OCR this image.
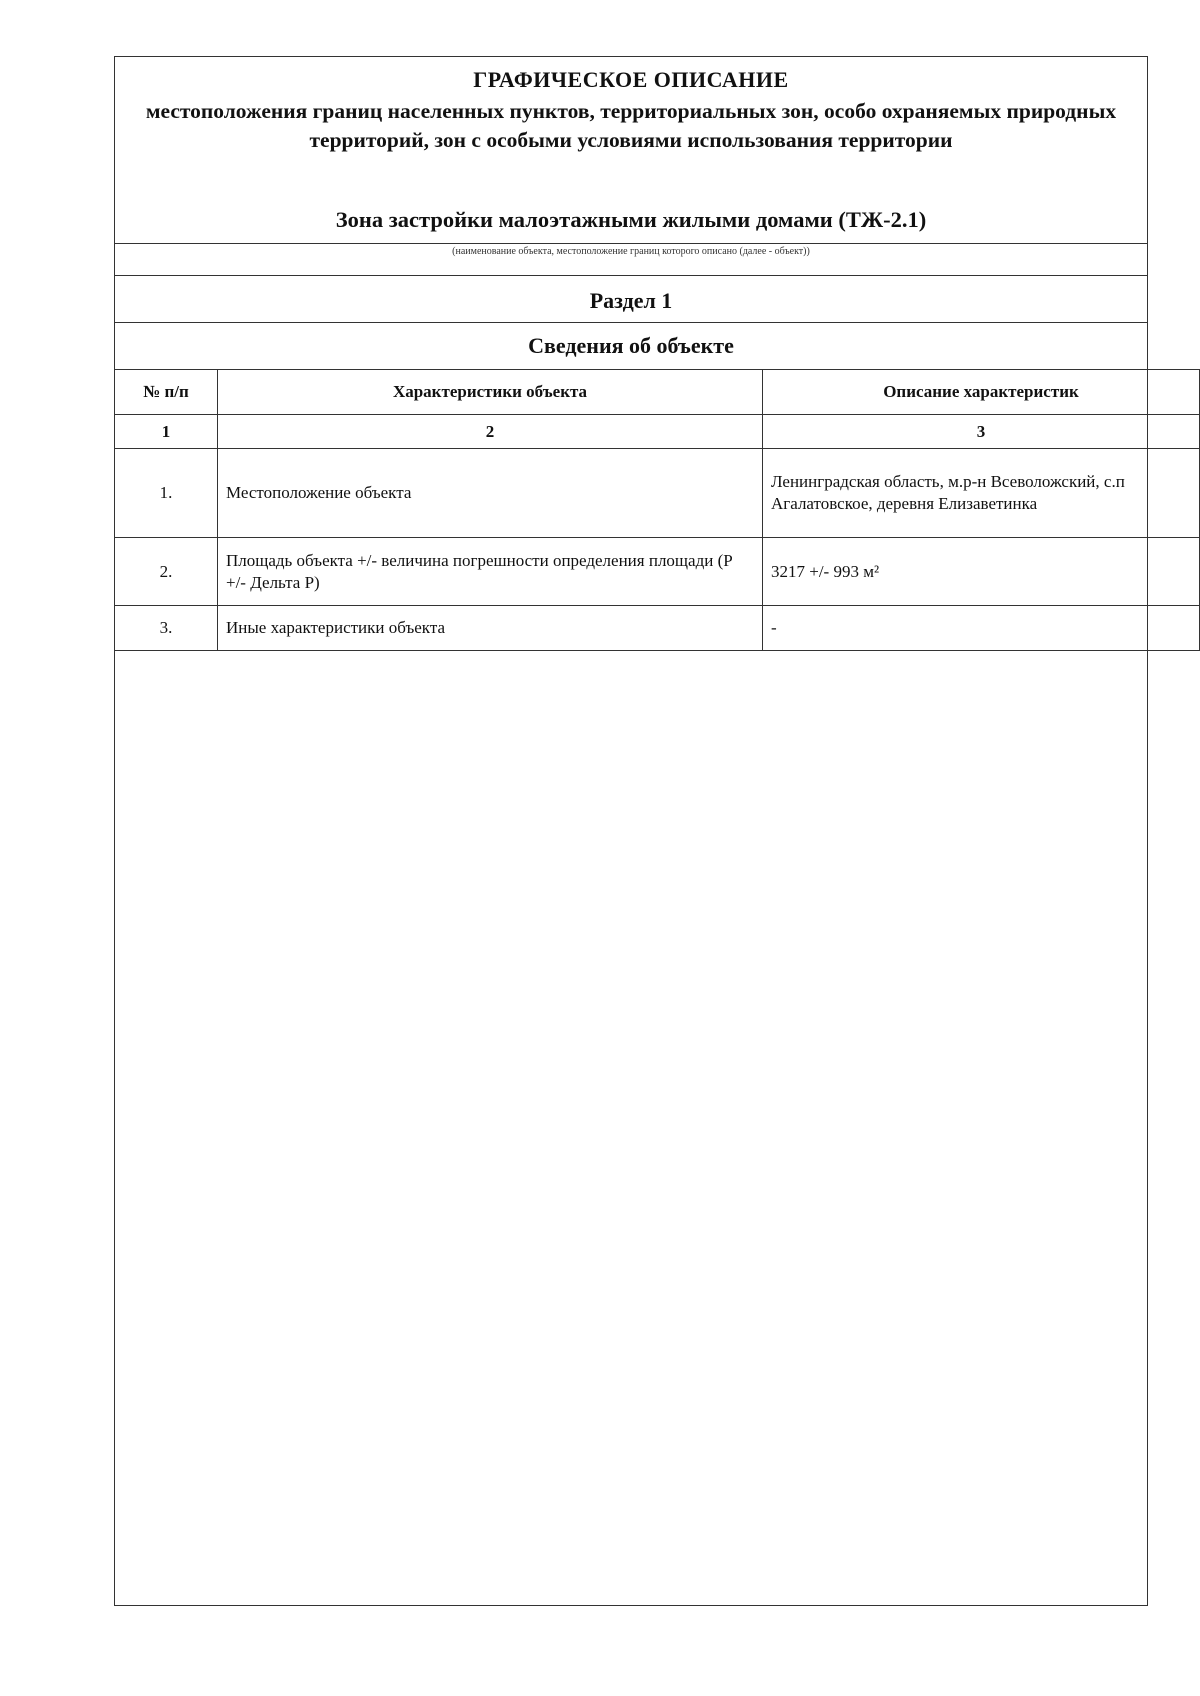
ГРАФИЧЕСКОЕ ОПИСАНИЕ
местоположения границ населенных пунктов, территориальных зон, особо охраняемых природных территорий, зон с особыми условиями использования территории
Зона застройки малоэтажными жилыми домами (ТЖ-2.1)
(наименование объекта, местоположение границ которого описано (далее - объект))
Раздел 1
Сведения об объекте
№ п/п	Характеристики объекта	Описание характеристик
1	2	3
1.	Местоположение объекта	Ленинградская область, м.р-н Всеволожский, с.п Агалатовское, деревня Елизаветинка
2.	Площадь объекта +/- величина погрешности определения площади (Р +/- Дельта Р)	3217 +/- 993 м²
3.	Иные характеристики объекта	-
